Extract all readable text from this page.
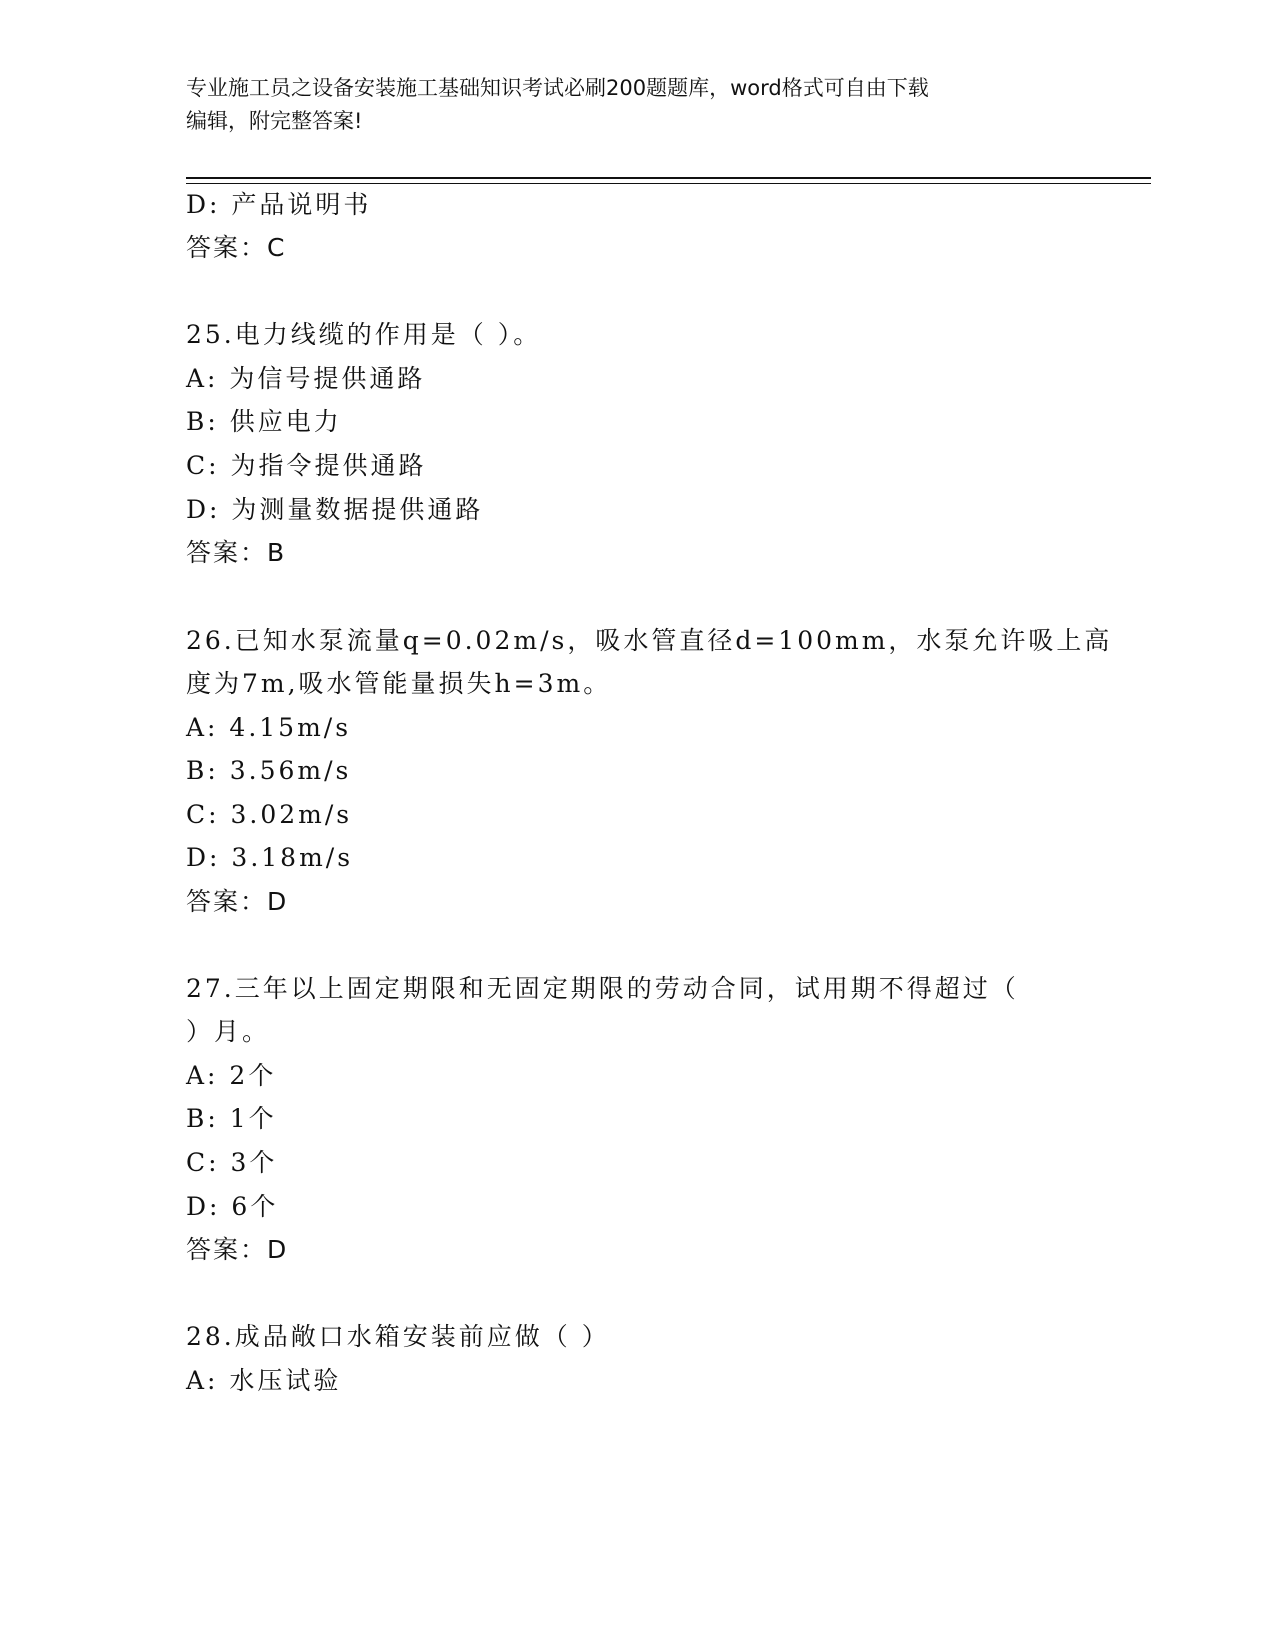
专业施工员之设备安装施工基础知识考试必刷200题题库，word格式可自由下载
编辑，附完整答案!
D: 产品说明书
答案：C
25.电力线缆的作用是（ ）。
A: 为信号提供通路
B: 供应电力
C: 为指令提供通路
D: 为测量数据提供通路
答案：B
26.已知水泵流量q=0.02m/s，吸水管直径d=100mm，水泵允许吸上高
度为7m,吸水管能量损失h=3m。
A: 4.15m/s
B: 3.56m/s
C: 3.02m/s
D: 3.18m/s
答案：D
27.三年以上固定期限和无固定期限的劳动合同，试用期不得超过（
）月。
A: 2个
B: 1个
C: 3个
D: 6个
答案：D
28.成品敞口水箱安装前应做（ ）
A: 水压试验
